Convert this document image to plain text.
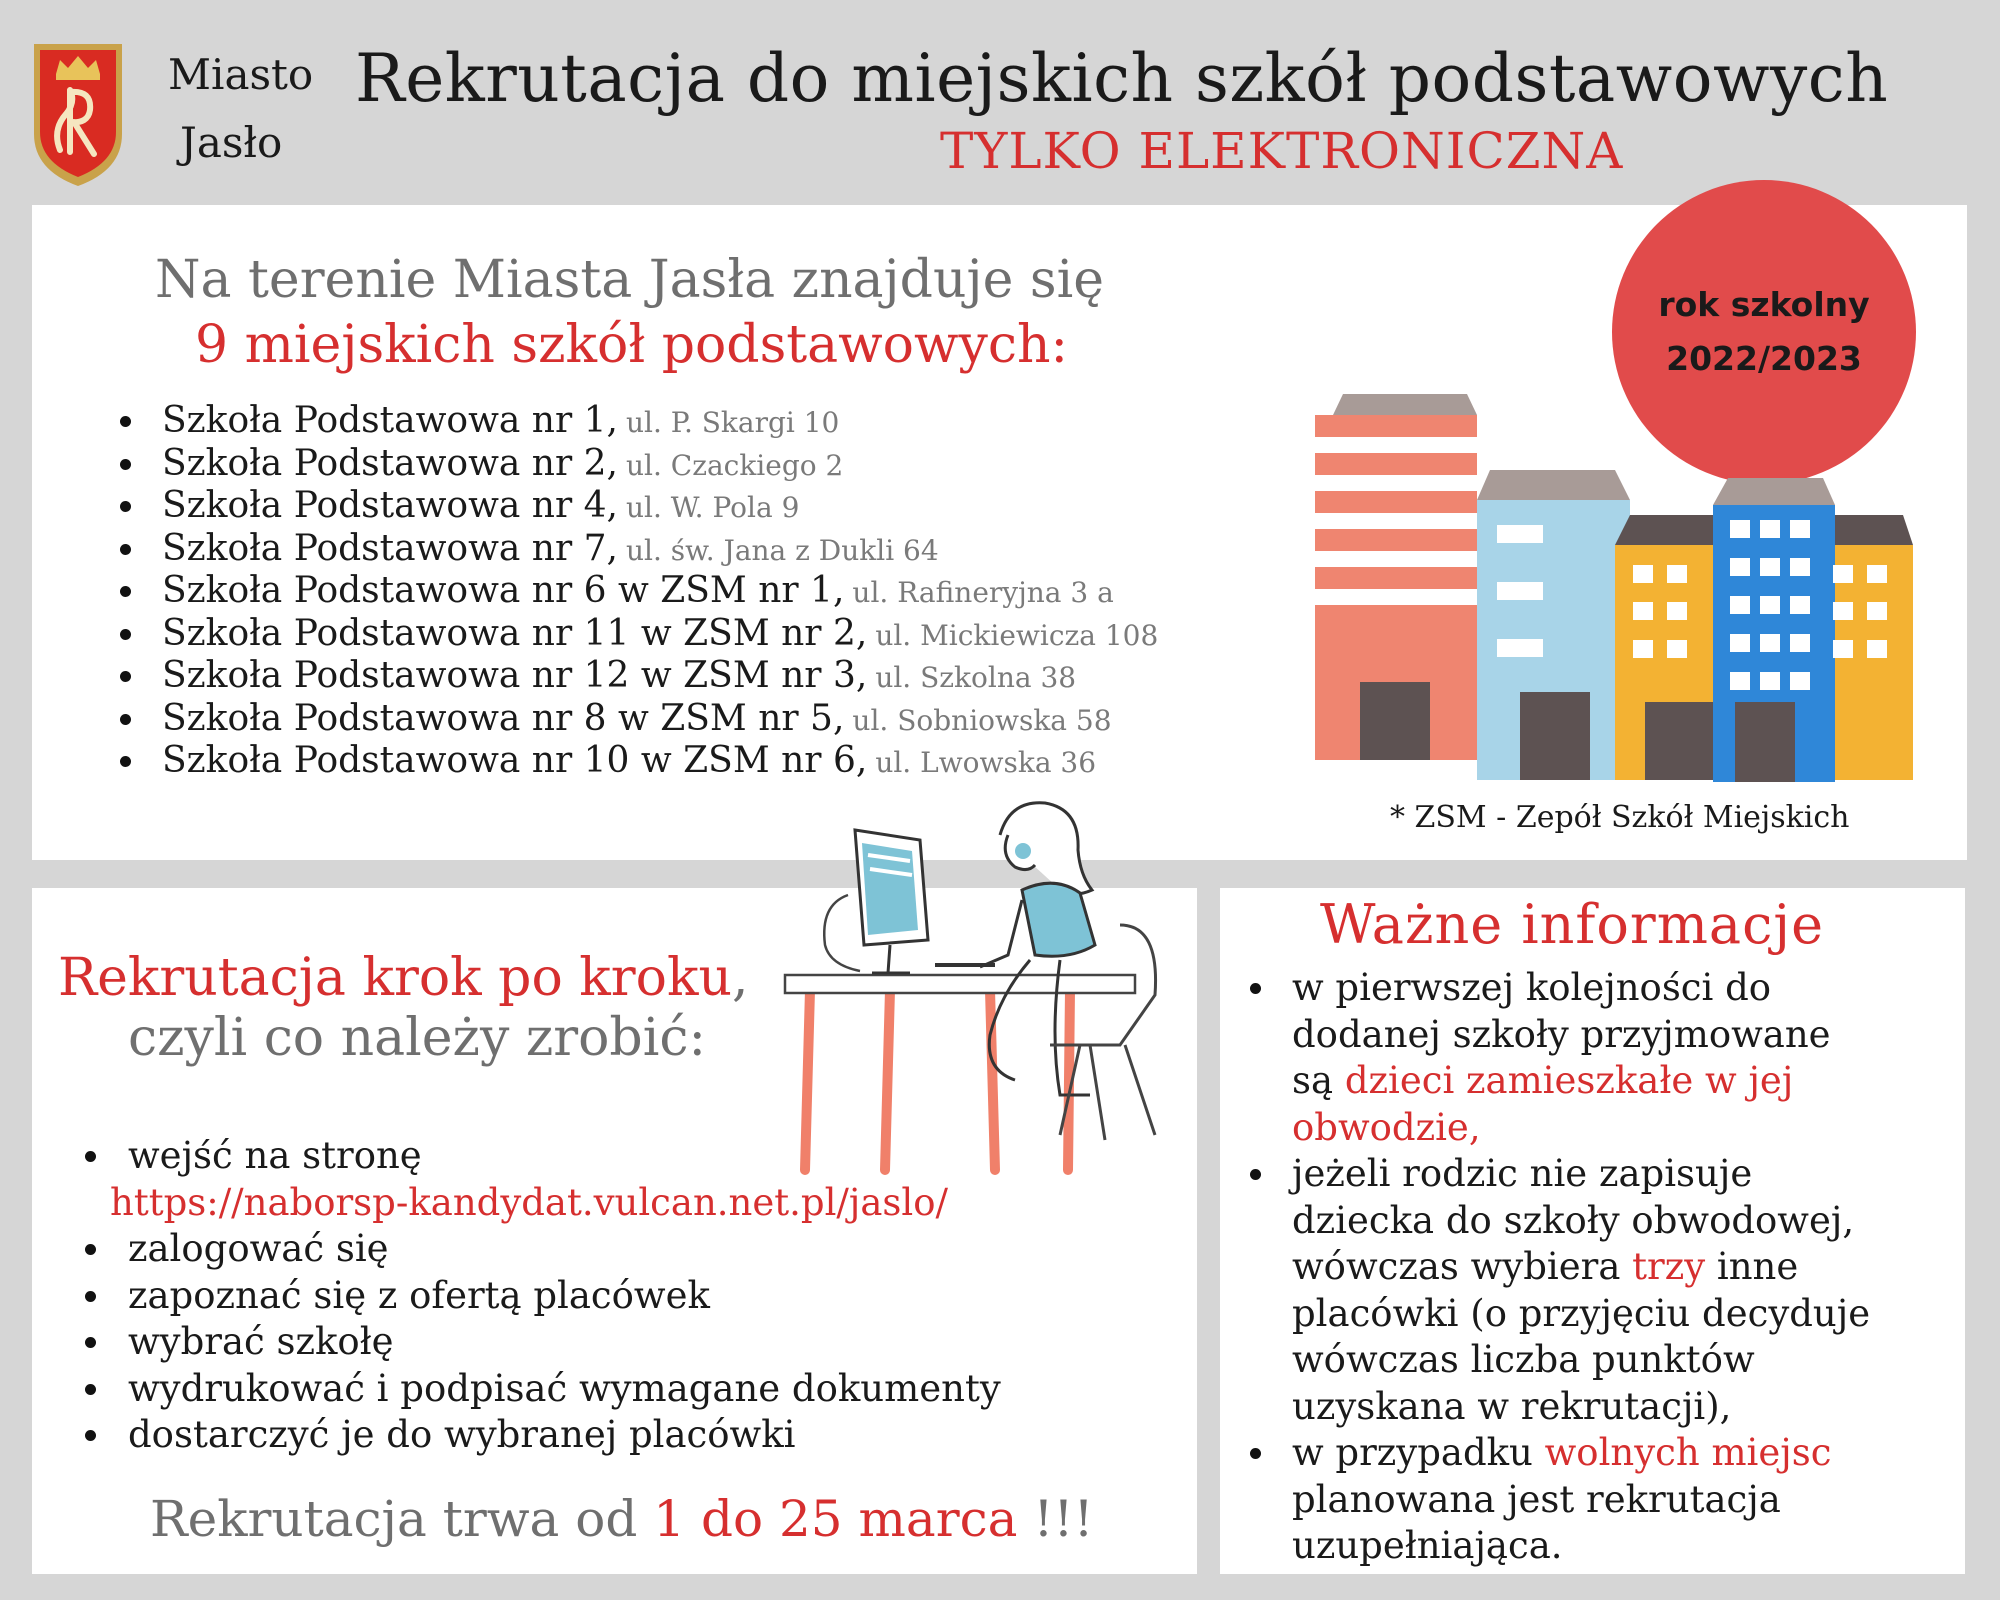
Miasto
Jasło
Rekrutacja do miejskich szkół podstawowych
TYLKO ELEKTRONICZNA
Na terenie Miasta Jasła znajduje się
9 miejskich szkół podstawowych:
Szkoła Podstawowa nr 1, ul. P. Skargi 10
Szkoła Podstawowa nr 2, ul. Czackiego 2
Szkoła Podstawowa nr 4, ul. W. Pola 9
Szkoła Podstawowa nr 7, ul. św. Jana z Dukli 64
Szkoła Podstawowa nr 6 w ZSM nr 1, ul. Rafineryjna 3 a
Szkoła Podstawowa nr 11 w ZSM nr 2, ul. Mickiewicza 108
Szkoła Podstawowa nr 12 w ZSM nr 3, ul. Szkolna 38
Szkoła Podstawowa nr 8 w ZSM nr 5, ul. Sobniowska 58
Szkoła Podstawowa nr 10 w ZSM nr 6, ul. Lwowska 36
rok szkolny
2022/2023
* ZSM - Zepół Szkół Miejskich
Rekrutacja krok po kroku,
czyli co należy zrobić:
wejść na stronę
https://naborsp-kandydat.vulcan.net.pl/jaslo/
zalogować się
zapoznać się z ofertą placówek
wybrać szkołę
wydrukować i podpisać wymagane dokumenty
dostarczyć je do wybranej placówki
Rekrutacja trwa od 1 do 25 marca !!!
Ważne informacje
w pierwszej kolejności do
dodanej szkoły przyjmowane
są dzieci zamieszkałe w jej
obwodzie,
jeżeli rodzic nie zapisuje
dziecka do szkoły obwodowej,
wówczas wybiera trzy inne
placówki (o przyjęciu decyduje
wówczas liczba punktów
uzyskana w rekrutacji),
w przypadku wolnych miejsc
planowana jest rekrutacja
uzupełniająca.
